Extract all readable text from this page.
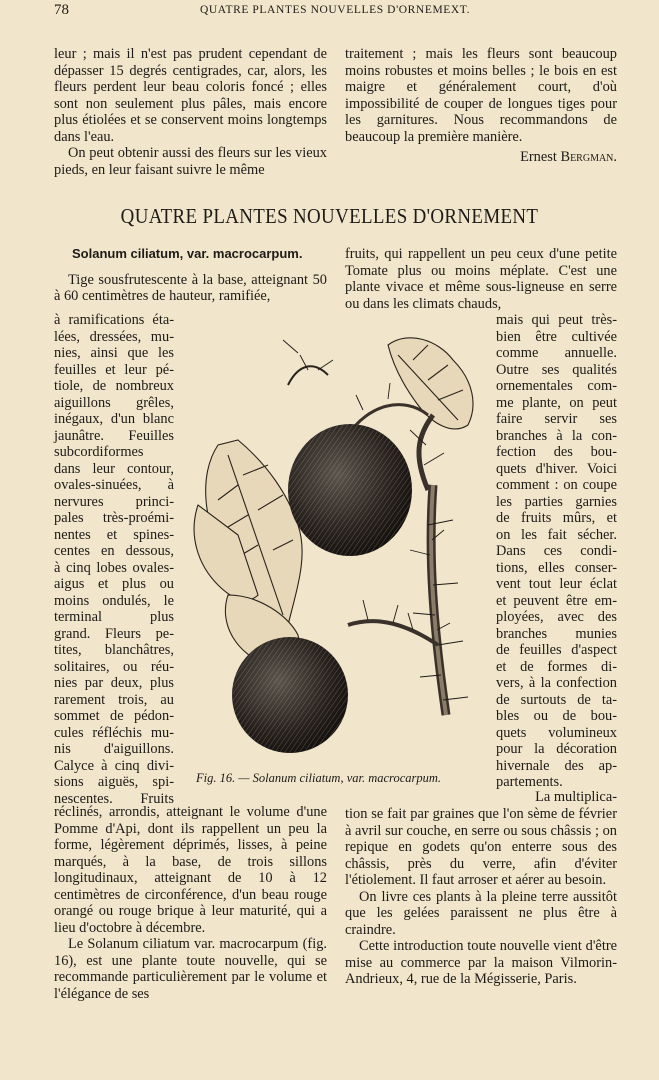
78	QUATRE PLANTES NOUVELLES D'ORNEMEXT.

leur ; mais il n'est pas prudent cependant de dépasser 15 degrés centigrades, car, alors, les fleurs perdent leur beau coloris foncé ; elles sont non seulement plus pâles, mais encore plus étiolées et se conservent moins longtemps dans l'eau.

On peut obtenir aussi des fleurs sur les vieux pieds, en leur faisant suivre le même

traitement ; mais les fleurs sont beaucoup moins robustes et moins belles ; le bois en est maigre et généralement court, d'où impossibilité de couper de longues tiges pour les garnitures. Nous recommandons de beaucoup la première manière.

Ernest Bergman.

QUATRE PLANTES NOUVELLES D'ORNEMENT

Solanum ciliatum, var. macrocarpum.

Tige sousfrutescente à la base, atteignant 50 à 60 centimètres de hauteur, ramifiée,

à ramifications éta-
lées, dressées, mu-
nies, ainsi que les
feuilles et leur pé-
tiole, de nombreux
aiguillons grêles,
inégaux, d'un blanc
jaunâtre. Feuilles
subcordiformes
dans leur contour,
ovales-sinuées, à
nervures princi-
pales très-proémi-
nentes et spines-
centes en dessous,
à cinq lobes ovales-
aigus et plus ou
moins ondulés, le
terminal plus
grand. Fleurs pe-
tites, blanchâtres,
solitaires, ou réu-
nies par deux, plus
rarement trois, au
sommet de pédon-
cules réfléchis mu-
nis d'aiguillons.
Calyce à cinq divi-
sions aiguës, spi-
nescentes. Fruits

fruits, qui rappellent un peu ceux d'une petite Tomate plus ou moins méplate. C'est une plante vivace et même sous-ligneuse en serre ou dans les climats chauds,

mais qui peut très-
bien être cultivée
comme annuelle.
Outre ses qualités
ornementales com-
me plante, on peut
faire servir ses
branches à la con-
fection des bou-
quets d'hiver. Voici
comment : on coupe
les parties garnies
de fruits mûrs, et
on les fait sécher.
Dans ces condi-
tions, elles conser-
vent tout leur éclat
et peuvent être em-
ployées, avec des
branches munies
de feuilles d'aspect
et de formes di-
vers, à la confection
de surtouts de ta-
bles ou de bou-
quets volumineux
pour la décoration
hivernale des ap-
partements.
Fig. 16. — Solanum ciliatum, var. macrocarpum.
réclinés, arrondis, atteignant le volume d'une Pomme d'Api, dont ils rappellent un peu la forme, légèrement déprimés, lisses, à peine marqués, à la base, de trois sillons longitudinaux, atteignant de 10 à 12 centimètres de circonférence, d'un beau rouge orangé ou rouge brique à leur maturité, qui a lieu d'octobre à décembre.
Le Solanum ciliatum var. macrocarpum (fig. 16), est une plante toute nouvelle, qui se recommande particulièrement par le volume et l'élégance de ses
La multiplica-

tion se fait par graines que l'on sème de février à avril sur couche, en serre ou sous châssis ; on repique en godets qu'on enterre sous des châssis, près du verre, afin d'éviter l'étiolement. Il faut arroser et aérer au besoin.

On livre ces plants à la pleine terre aussitôt que les gelées paraissent ne plus être à craindre.

Cette introduction toute nouvelle vient d'être mise au commerce par la maison Vilmorin-Andrieux, 4, rue de la Mégisserie, Paris.
